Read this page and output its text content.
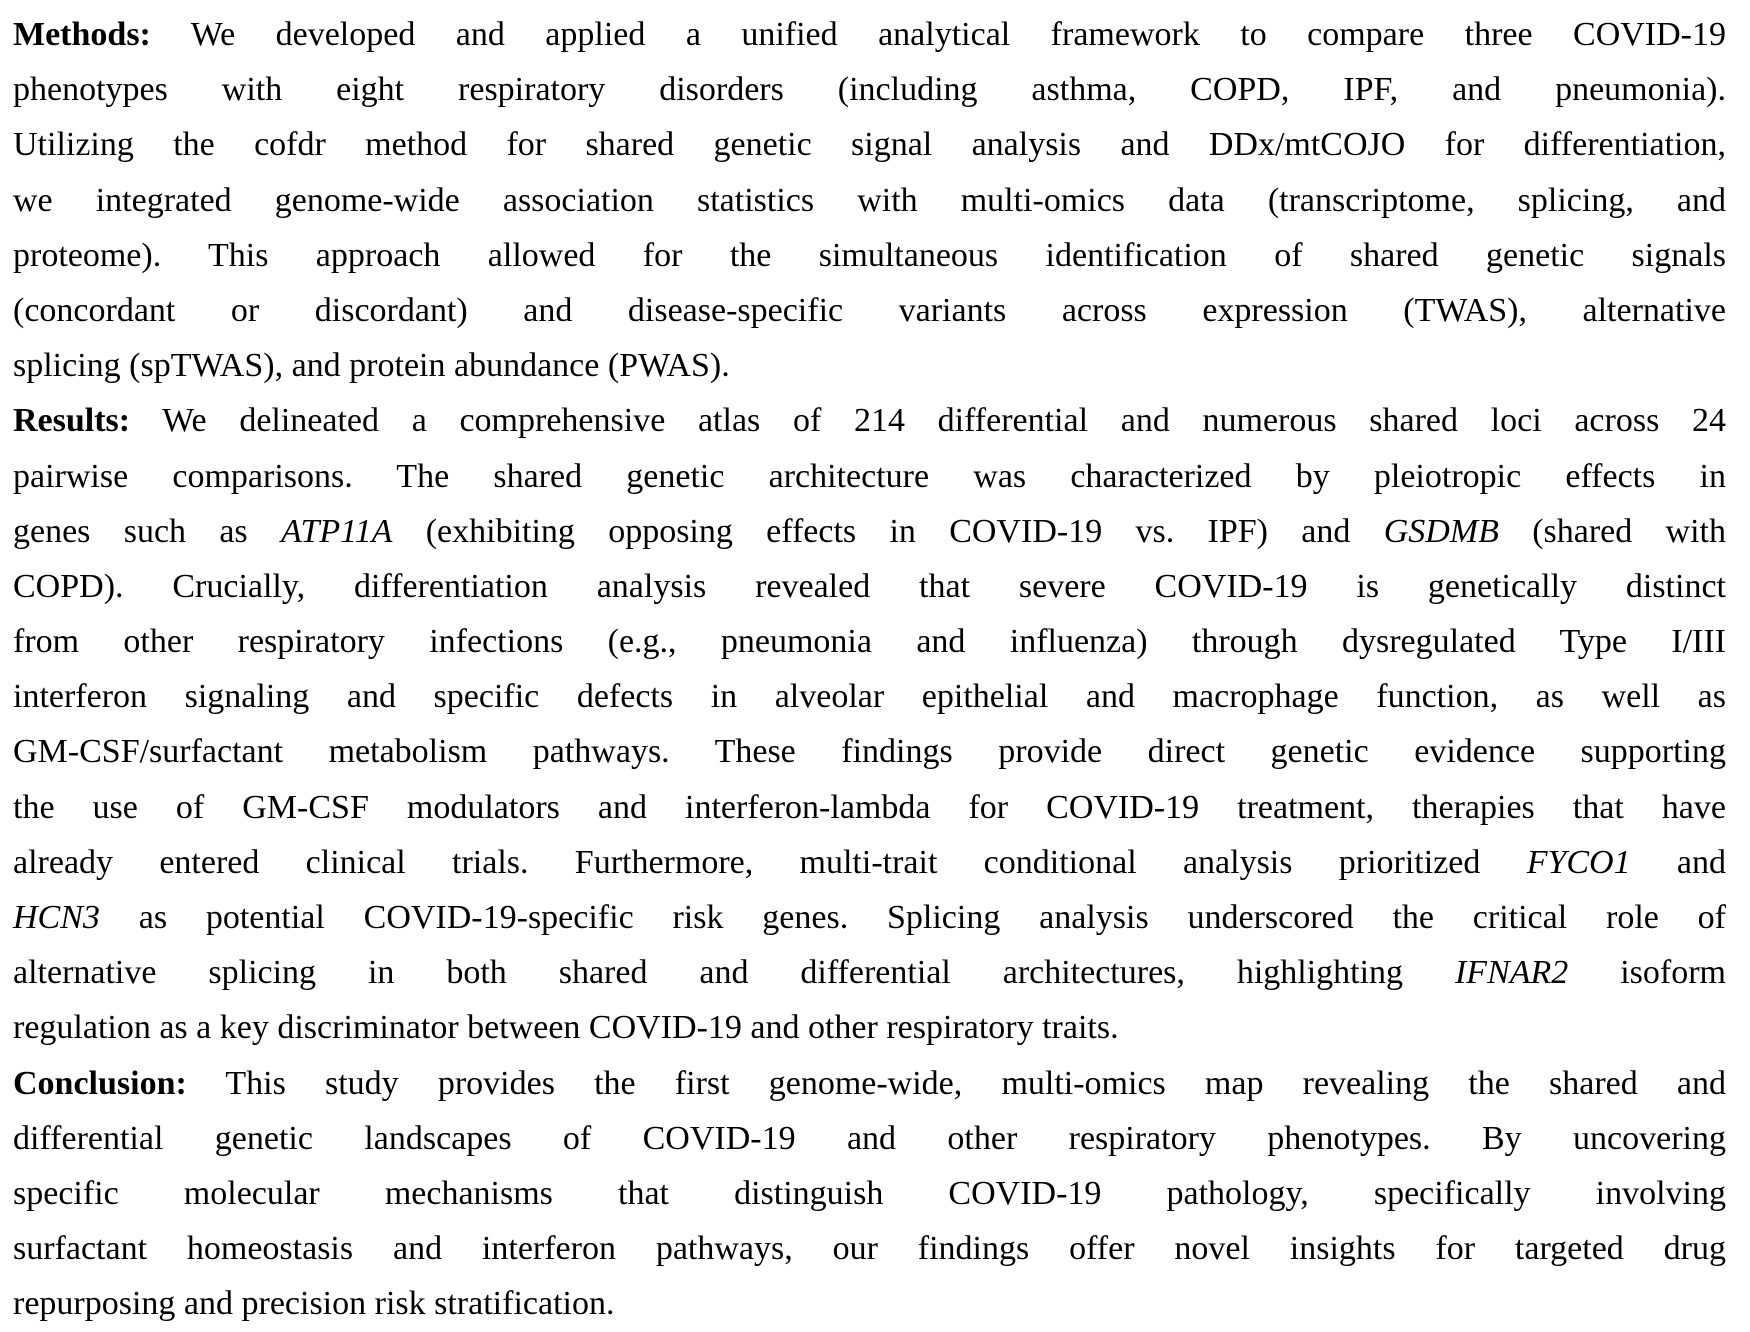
Methods: We developed and applied a unified analytical framework to compare three COVID-19
phenotypes with eight respiratory disorders (including asthma, COPD, IPF, and pneumonia).
Utilizing the cofdr method for shared genetic signal analysis and DDx/mtCOJO for differentiation,
we integrated genome-wide association statistics with multi-omics data (transcriptome, splicing, and
proteome). This approach allowed for the simultaneous identification of shared genetic signals
(concordant or discordant) and disease-specific variants across expression (TWAS), alternative
splicing (spTWAS), and protein abundance (PWAS).
Results: We delineated a comprehensive atlas of 214 differential and numerous shared loci across 24
pairwise comparisons. The shared genetic architecture was characterized by pleiotropic effects in
genes such as ATP11A (exhibiting opposing effects in COVID-19 vs. IPF) and GSDMB (shared with
COPD). Crucially, differentiation analysis revealed that severe COVID-19 is genetically distinct
from other respiratory infections (e.g., pneumonia and influenza) through dysregulated Type I/III
interferon signaling and specific defects in alveolar epithelial and macrophage function, as well as
GM-CSF/surfactant metabolism pathways. These findings provide direct genetic evidence supporting
the use of GM-CSF modulators and interferon-lambda for COVID-19 treatment, therapies that have
already entered clinical trials. Furthermore, multi-trait conditional analysis prioritized FYCO1 and
HCN3 as potential COVID-19-specific risk genes. Splicing analysis underscored the critical role of
alternative splicing in both shared and differential architectures, highlighting IFNAR2 isoform
regulation as a key discriminator between COVID-19 and other respiratory traits.
Conclusion: This study provides the first genome-wide, multi-omics map revealing the shared and
differential genetic landscapes of COVID-19 and other respiratory phenotypes. By uncovering
specific molecular mechanisms that distinguish COVID-19 pathology, specifically involving
surfactant homeostasis and interferon pathways, our findings offer novel insights for targeted drug
repurposing and precision risk stratification.
